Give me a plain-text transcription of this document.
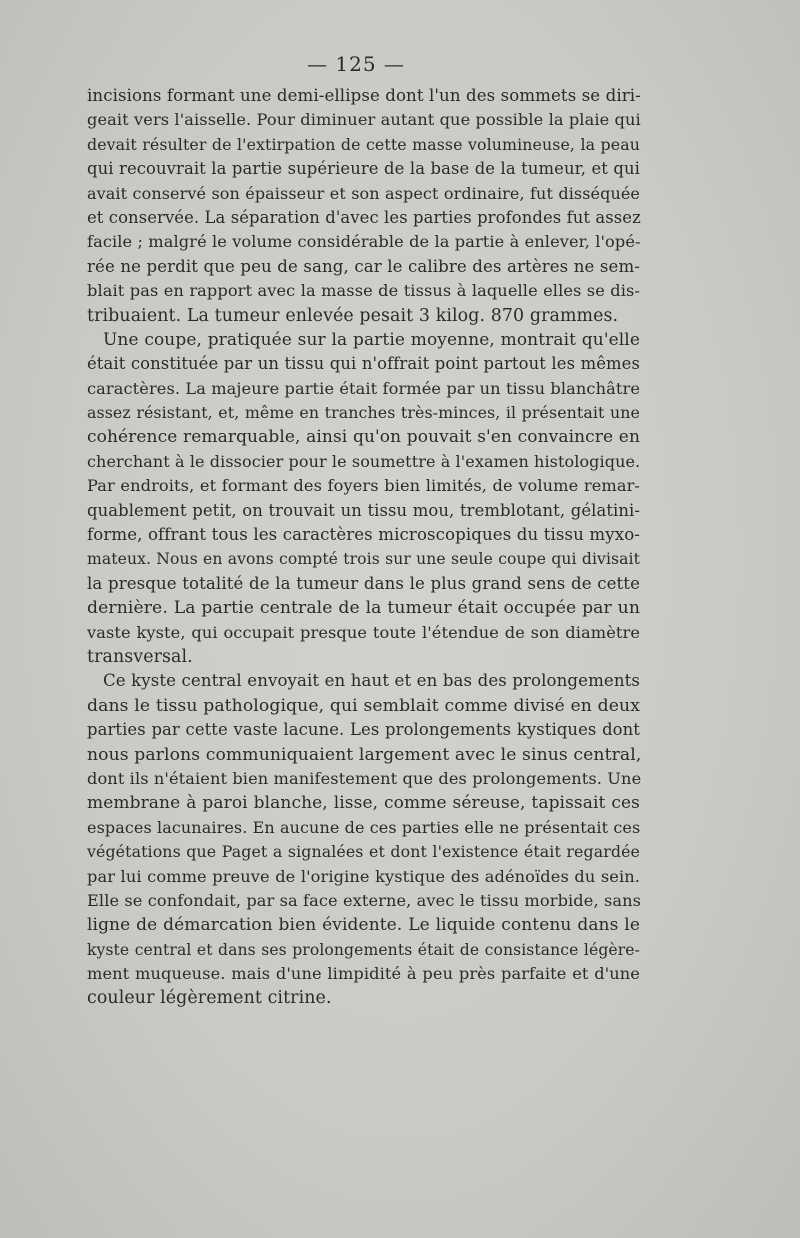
— 125 —
incisions formant une demi-ellipse dont l'un des sommets se diri-
geait vers l'aisselle. Pour diminuer autant que possible la plaie qui
devait résulter de l'extirpation de cette masse volumineuse, la peau
qui recouvrait la partie supérieure de la base de la tumeur, et qui
avait conservé son épaisseur et son aspect ordinaire, fut disséquée
et conservée. La séparation d'avec les parties profondes fut assez
facile ; malgré le volume considérable de la partie à enlever, l'opé-
rée ne perdit que peu de sang, car le calibre des artères ne sem-
blait pas en rapport avec la masse de tissus à laquelle elles se dis-
tribuaient. La tumeur enlevée pesait 3 kilog. 870 grammes.
Une coupe, pratiquée sur la partie moyenne, montrait qu'elle
était constituée par un tissu qui n'offrait point partout les mêmes
caractères. La majeure partie était formée par un tissu blanchâtre
assez résistant, et, même en tranches très-minces, il présentait une
cohérence remarquable, ainsi qu'on pouvait s'en convaincre en
cherchant à le dissocier pour le soumettre à l'examen histologique.
Par endroits, et formant des foyers bien limités, de volume remar-
quablement petit, on trouvait un tissu mou, tremblotant, gélatini-
forme, offrant tous les caractères microscopiques du tissu myxo-
mateux. Nous en avons compté trois sur une seule coupe qui divisait
la presque totalité de la tumeur dans le plus grand sens de cette
dernière. La partie centrale de la tumeur était occupée par un
vaste kyste, qui occupait presque toute l'étendue de son diamètre
transversal.
Ce kyste central envoyait en haut et en bas des prolongements
dans le tissu pathologique, qui semblait comme divisé en deux
parties par cette vaste lacune. Les prolongements kystiques dont
nous parlons communiquaient largement avec le sinus central,
dont ils n'étaient bien manifestement que des prolongements. Une
membrane à paroi blanche, lisse, comme séreuse, tapissait ces
espaces lacunaires. En aucune de ces parties elle ne présentait ces
végétations que Paget a signalées et dont l'existence était regardée
par lui comme preuve de l'origine kystique des adénoïdes du sein.
Elle se confondait, par sa face externe, avec le tissu morbide, sans
ligne de démarcation bien évidente. Le liquide contenu dans le
kyste central et dans ses prolongements était de consistance légère-
ment muqueuse. mais d'une limpidité à peu près parfaite et d'une
couleur légèrement citrine.
